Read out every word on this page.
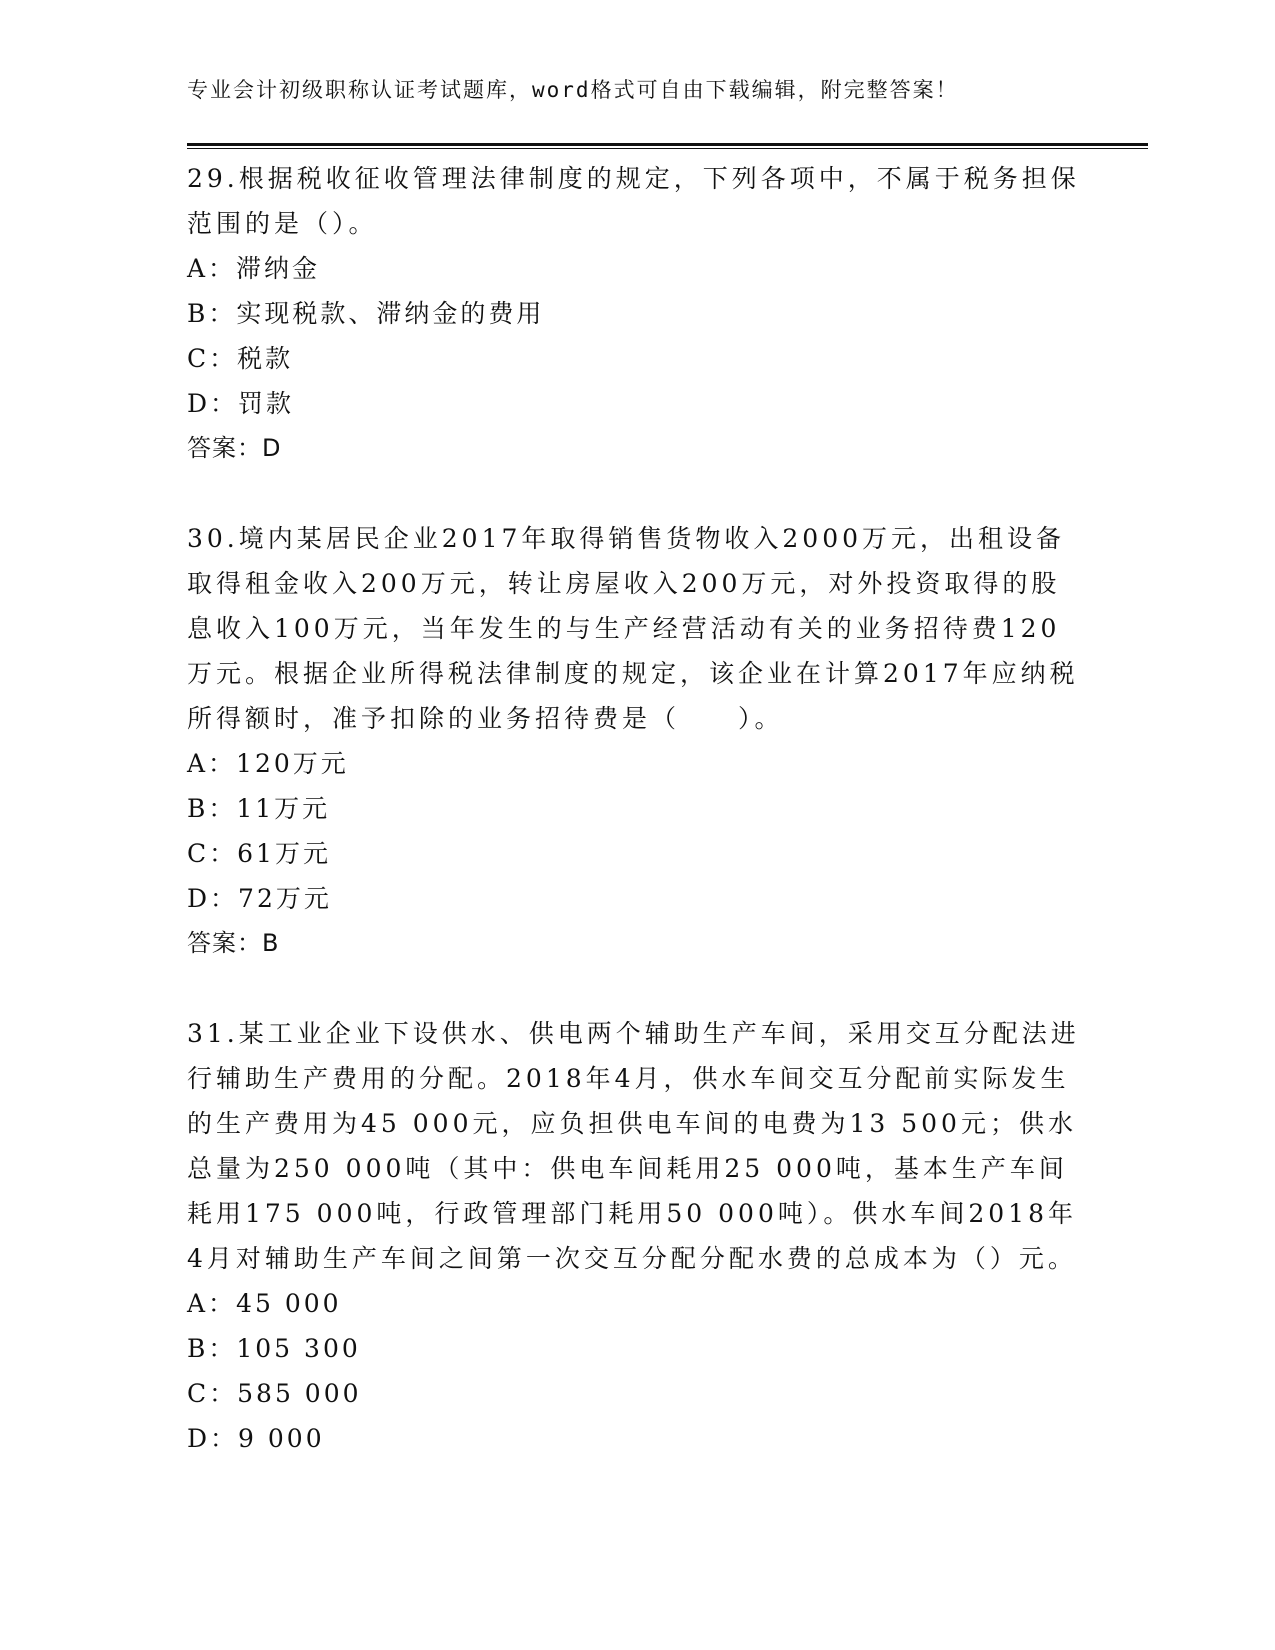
专业会计初级职称认证考试题库，word格式可自由下载编辑，附完整答案！

29.根据税收征收管理法律制度的规定，下列各项中，不属于税务担保范围的是（）。

A：滞纳金

B：实现税款、滞纳金的费用

C：税款

D：罚款

答案：D

30.境内某居民企业2017年取得销售货物收入2000万元，出租设备取得租金收入200万元，转让房屋收入200万元，对外投资取得的股息收入100万元，当年发生的与生产经营活动有关的业务招待费120万元。根据企业所得税法律制度的规定，该企业在计算2017年应纳税所得额时，准予扣除的业务招待费是（　　）。

A：120万元

B：11万元

C：61万元

D：72万元

答案：B

31.某工业企业下设供水、供电两个辅助生产车间，采用交互分配法进行辅助生产费用的分配。2018年4月，供水车间交互分配前实际发生的生产费用为45 000元，应负担供电车间的电费为13 500元；供水总量为250 000吨（其中：供电车间耗用25 000吨，基本生产车间耗用175 000吨，行政管理部门耗用50 000吨）。供水车间2018年4月对辅助生产车间之间第一次交互分配分配水费的总成本为（）元。

A：45 000

B：105 300

C：585 000

D：9 000
